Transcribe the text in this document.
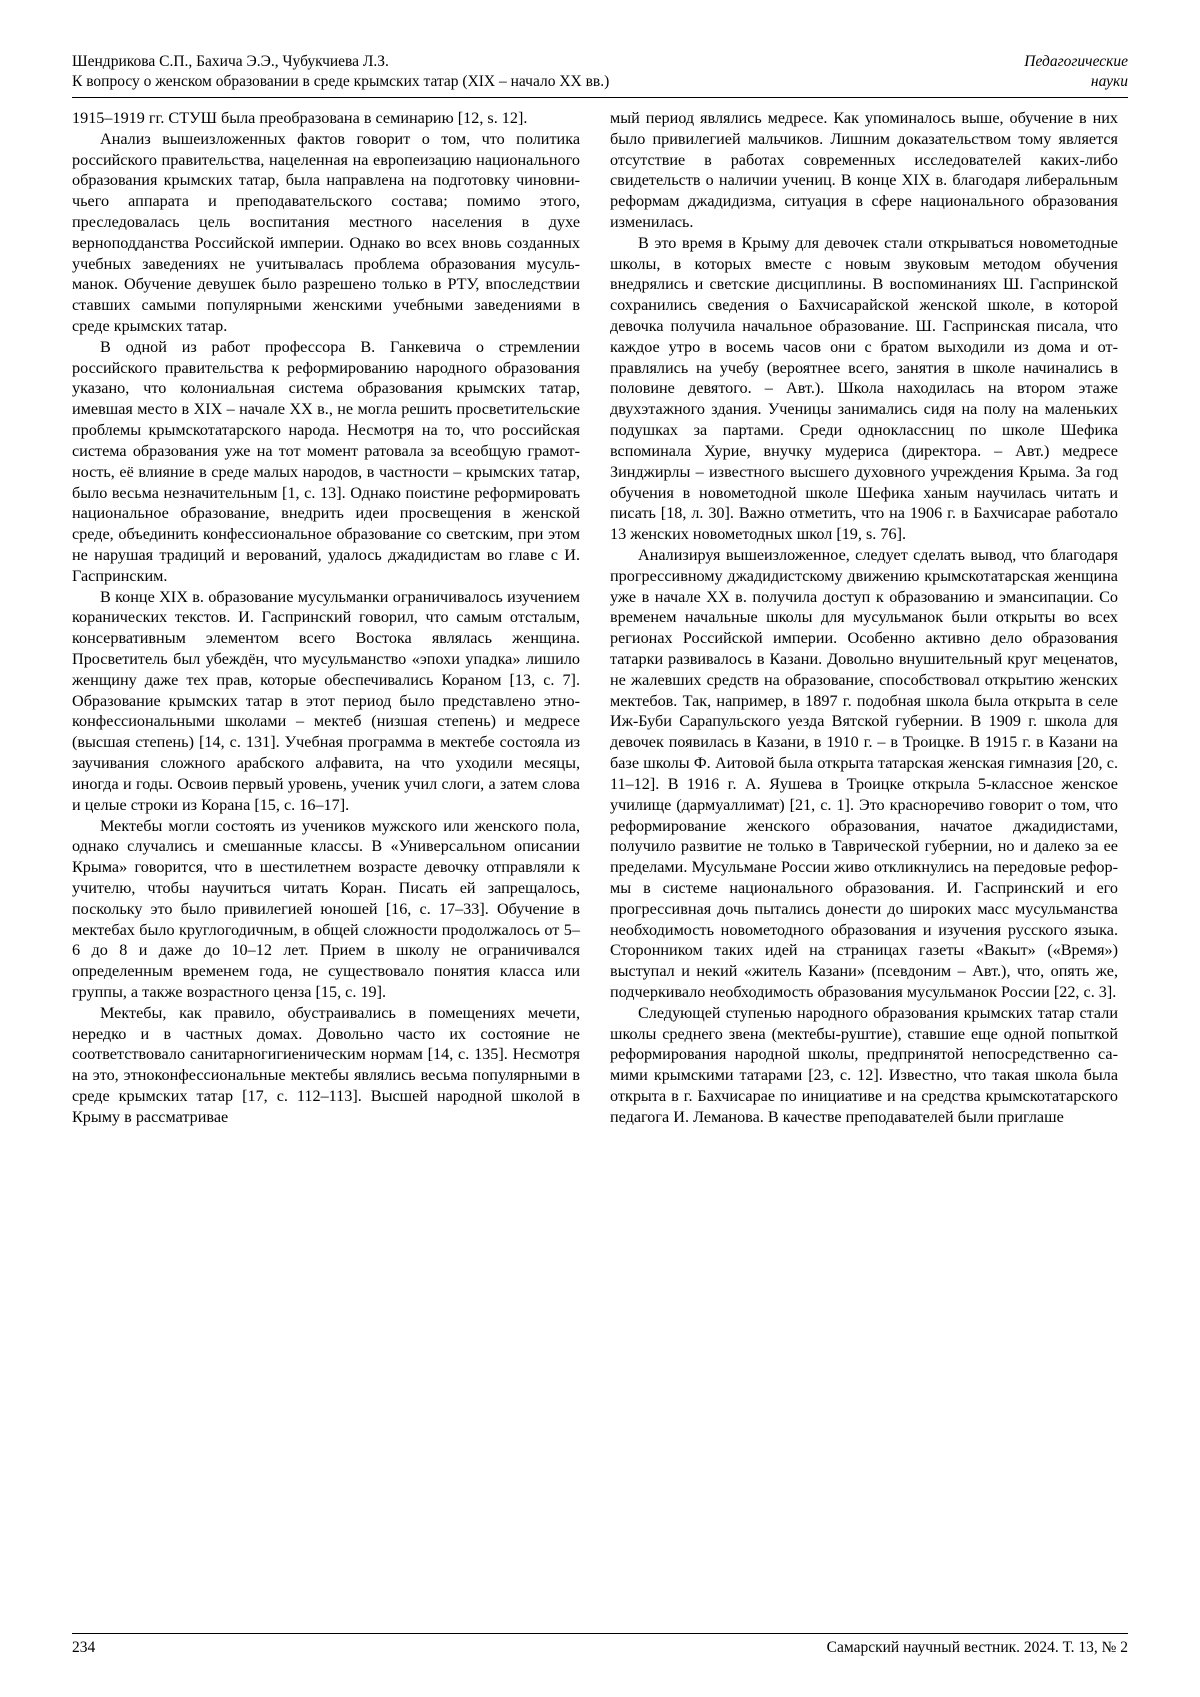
Шендрикова С.П., Бахича Э.Э., Чубукчиева Л.З.
К вопросу о женском образовании в среде крымских татар (XIX – начало XX вв.)
Педагогические
науки

1915–1919 гг. СТУШ была преобразована в семинарию [12, s. 12].

Анализ вышеизложенных фактов говорит о том, что политика российского правительства, нацеленная на европеизацию национального образования крымских татар, была направлена на подготовку чиновничьего аппарата и преподавательского состава; помимо этого, преследовалась цель воспитания местного населения в духе верноподданства Российской империи. Однако во всех вновь созданных учебных заведениях не учитывалась проблема образования мусульманок. Обучение девушек было разрешено только в РТУ, впоследствии ставших самыми популярными женскими учебными заведениями в среде крымских татар.

В одной из работ профессора В. Ганкевича о стремлении российского правительства к реформированию народного образования указано, что колониальная система образования крымских татар, имевшая место в XIX – начале XX в., не могла решить просветительские проблемы крымскотатарского народа. Несмотря на то, что российская система образования уже на тот момент ратовала за всеобщую грамотность, её влияние в среде малых народов, в частности – крымских татар, было весьма незначительным [1, с. 13]. Однако поистине реформировать национальное образование, внедрить идеи просвещения в женской среде, объединить конфессиональное образование со светским, при этом не нарушая традиций и верований, удалось джадидистам во главе с И. Гаспринским.

В конце XIX в. образование мусульманки ограничивалось изучением коранических текстов. И. Гаспринский говорил, что самым отсталым, консервативным элементом всего Востока являлась женщина. Просветитель был убеждён, что мусульманство «эпохи упадка» лишило женщину даже тех прав, которые обеспечивались Кораном [13, с. 7]. Образование крымских татар в этот период было представлено этноконфессиональными школами – мектеб (низшая степень) и медресе (высшая степень) [14, с. 131]. Учебная программа в мектебе состояла из заучивания сложного арабского алфавита, на что уходили месяцы, иногда и годы. Освоив первый уровень, ученик учил слоги, а затем слова и целые строки из Корана [15, с. 16–17].

Мектебы могли состоять из учеников мужского или женского пола, однако случались и смешанные классы. В «Универсальном описании Крыма» говорится, что в шестилетнем возрасте девочку отправляли к учителю, чтобы научиться читать Коран. Писать ей запрещалось, поскольку это было привилегией юношей [16, с. 17–33]. Обучение в мектебах было круглогодичным, в общей сложности продолжалось от 5–6 до 8 и даже до 10–12 лет. Прием в школу не ограничивался определенным временем года, не существовало понятия класса или группы, а также возрастного ценза [15, с. 19].

Мектебы, как правило, обустраивались в помещениях мечети, нередко и в частных домах. Довольно часто их состояние не соответствовало санитарногигиеническим нормам [14, с. 135]. Несмотря на это, этноконфессиональные мектебы являлись весьма популярными в среде крымских татар [17, с. 112–113]. Высшей народной школой в Крыму в рассматривае

мый период являлись медресе. Как упоминалось выше, обучение в них было привилегией мальчиков. Лишним доказательством тому является отсутствие в работах современных исследователей каких-либо свидетельств о наличии учениц. В конце XIX в. благодаря либеральным реформам джадидизма, ситуация в сфере национального образования изменилась.

В это время в Крыму для девочек стали открываться новометодные школы, в которых вместе с новым звуковым методом обучения внедрялись и светские дисциплины. В воспоминаниях Ш. Гаспринской сохранились сведения о Бахчисарайской женской школе, в которой девочка получила начальное образование. Ш. Гаспринская писала, что каждое утро в восемь часов они с братом выходили из дома и отправлялись на учебу (вероятнее всего, занятия в школе начинались в половине девятого. – Авт.). Школа находилась на втором этаже двухэтажного здания. Ученицы занимались сидя на полу на маленьких подушках за партами. Среди одноклассниц по школе Шефика вспоминала Хурие, внучку мудериса (директора. – Авт.) медресе Зинджирлы – известного высшего духовного учреждения Крыма. За год обучения в новометодной школе Шефика ханым научилась читать и писать [18, л. 30]. Важно отметить, что на 1906 г. в Бахчисарае работало 13 женских новометодных школ [19, s. 76].

Анализируя вышеизложенное, следует сделать вывод, что благодаря прогрессивному джадидистскому движению крымскотатарская женщина уже в начале XX в. получила доступ к образованию и эмансипации. Со временем начальные школы для мусульманок были открыты во всех регионах Российской империи. Особенно активно дело образования татарки развивалось в Казани. Довольно внушительный круг меценатов, не жалевших средств на образование, способствовал открытию женских мектебов. Так, например, в 1897 г. подобная школа была открыта в селе Иж-Буби Сарапульского уезда Вятской губернии. В 1909 г. школа для девочек появилась в Казани, в 1910 г. – в Троицке. В 1915 г. в Казани на базе школы Ф. Аитовой была открыта татарская женская гимназия [20, с. 11–12]. В 1916 г. А. Яушева в Троицке открыла 5-классное женское училище (дармуаллимат) [21, с. 1]. Это красноречиво говорит о том, что реформирование женского образования, начатое джадидистами, получило развитие не только в Таврической губернии, но и далеко за ее пределами. Мусульмане России живо откликнулись на передовые реформы в системе национального образования. И. Гаспринский и его прогрессивная дочь пытались донести до широких масс мусульманства необходимость новометодного образования и изучения русского языка. Сторонником таких идей на страницах газеты «Вакыт» («Время») выступал и некий «житель Казани» (псевдоним – Авт.), что, опять же, подчеркивало необходимость образования мусульманок России [22, с. 3].

Следующей ступенью народного образования крымских татар стали школы среднего звена (мектебы-руштие), ставшие еще одной попыткой реформирования народной школы, предпринятой непосредственно самими крымскими татарами [23, с. 12]. Известно, что такая школа была открыта в г. Бахчисарае по инициативе и на средства крымскотатарского педагога И. Леманова. В качестве преподавателей были приглаше

234	Самарский научный вестник. 2024. Т. 13, № 2
